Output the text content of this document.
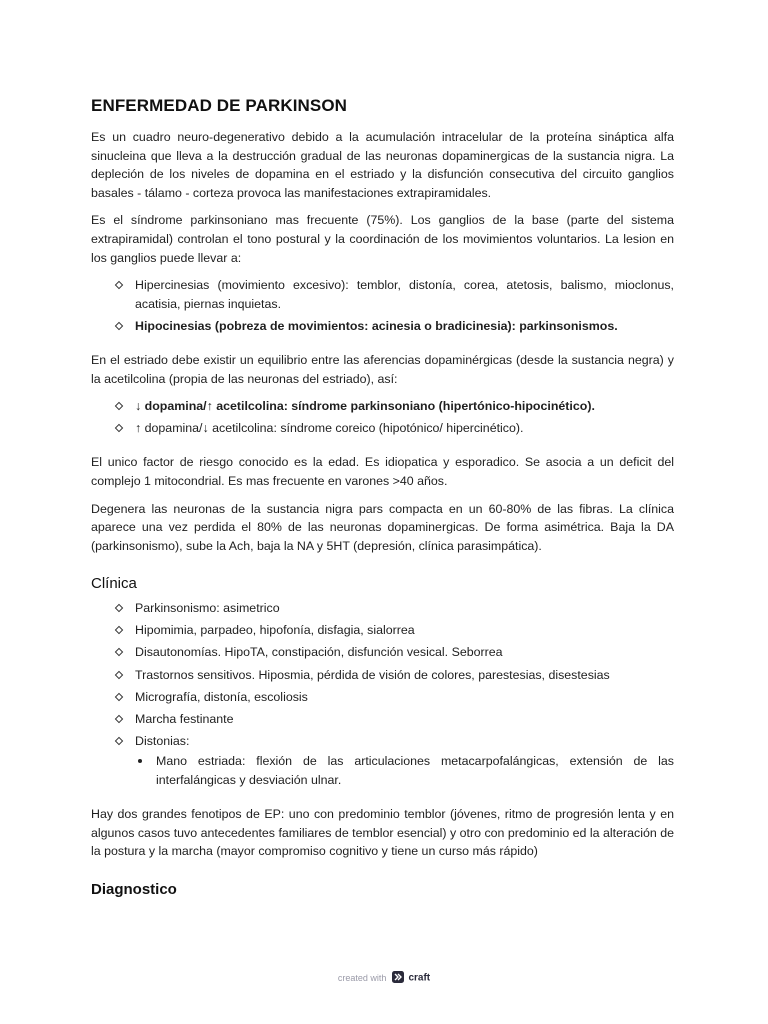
ENFERMEDAD DE PARKINSON

Es un cuadro neuro-degenerativo debido a la acumulación intracelular de la proteína sináptica alfa sinucleina que lleva a la destrucción gradual de las neuronas dopaminergicas de la sustancia nigra. La depleción de los niveles de dopamina en el estriado y la disfunción consecutiva del circuito ganglios basales - tálamo - corteza provoca las manifestaciones extrapiramidales.

Es el síndrome parkinsoniano mas frecuente (75%). Los ganglios de la base (parte del sistema extrapiramidal) controlan el tono postural y la coordinación de los movimientos voluntarios. La lesion en los ganglios puede llevar a:

Hipercinesias (movimiento excesivo): temblor, distonía, corea, atetosis, balismo, mioclonus, acatisia, piernas inquietas.
Hipocinesias (pobreza de movimientos: acinesia o bradicinesia): parkinsonismos.

En el estriado debe existir un equilibrio entre las aferencias dopaminérgicas (desde la sustancia negra) y la acetilcolina (propia de las neuronas del estriado), así:

↓ dopamina/↑ acetilcolina: síndrome parkinsoniano (hipertónico-hipocinético).
↑ dopamina/↓ acetilcolina: síndrome coreico (hipotónico/ hipercinético).

El unico factor de riesgo conocido es la edad. Es idiopatica y esporadico. Se asocia a un deficit del complejo 1 mitocondrial. Es mas frecuente en varones >40 años.

Degenera las neuronas de la sustancia nigra pars compacta en un 60-80% de las fibras. La clínica aparece una vez perdida el 80% de las neuronas dopaminergicas. De forma asimétrica. Baja la DA (parkinsonismo), sube la Ach, baja la NA y 5HT (depresión, clínica parasimpática).

Clínica
Parkinsonismo: asimetrico
Hipomimia, parpadeo, hipofonía, disfagia, sialorrea
Disautonomías. HipoTA, constipación, disfunción vesical. Seborrea
Trastornos sensitivos. Hiposmia, pérdida de visión de colores, parestesias, disestesias
Micrografía, distonía, escoliosis
Marcha festinante
Distonias:
Mano estriada: flexión de las articulaciones metacarpofalángicas, extensión de las interfalángicas y desviación ulnar.

Hay dos grandes fenotipos de EP: uno con predominio temblor (jóvenes, ritmo de progresión lenta y en algunos casos tuvo antecedentes familiares de temblor esencial) y otro con predominio ed la alteración de la postura y la marcha (mayor compromiso cognitivo y tiene un curso más rápido)

Diagnostico
created with craft
